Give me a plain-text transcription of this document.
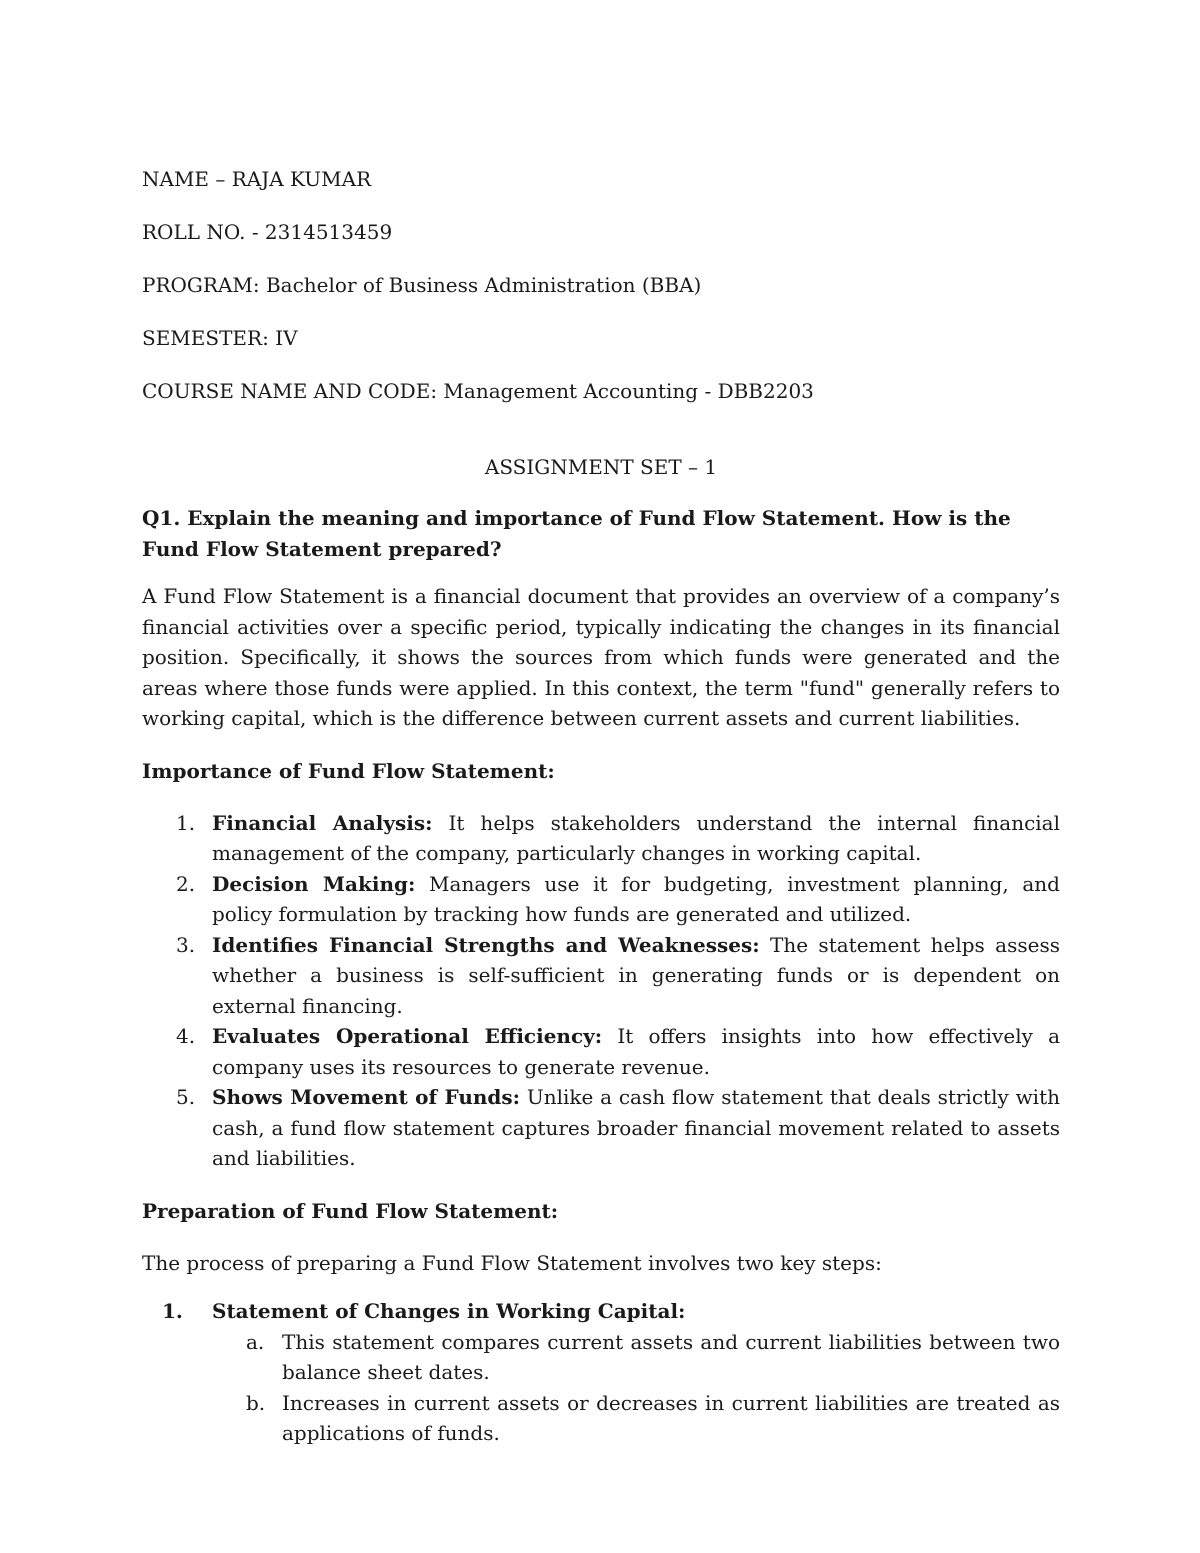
NAME – RAJA KUMAR

ROLL NO. - 2314513459

PROGRAM: Bachelor of Business Administration (BBA)

SEMESTER: IV

COURSE NAME AND CODE: Management Accounting - DBB2203

ASSIGNMENT SET – 1

Q1. Explain the meaning and importance of Fund Flow Statement. How is the Fund Flow Statement prepared?

A Fund Flow Statement is a financial document that provides an overview of a company’s financial activities over a specific period, typically indicating the changes in its financial position. Specifically, it shows the sources from which funds were generated and the areas where those funds were applied. In this context, the term "fund" generally refers to working capital, which is the difference between current assets and current liabilities.

Importance of Fund Flow Statement:

1. Financial Analysis: It helps stakeholders understand the internal financial management of the company, particularly changes in working capital.
2. Decision Making: Managers use it for budgeting, investment planning, and policy formulation by tracking how funds are generated and utilized.
3. Identifies Financial Strengths and Weaknesses: The statement helps assess whether a business is self-sufficient in generating funds or is dependent on external financing.
4. Evaluates Operational Efficiency: It offers insights into how effectively a company uses its resources to generate revenue.
5. Shows Movement of Funds: Unlike a cash flow statement that deals strictly with cash, a fund flow statement captures broader financial movement related to assets and liabilities.

Preparation of Fund Flow Statement:

The process of preparing a Fund Flow Statement involves two key steps:

1. Statement of Changes in Working Capital:
a. This statement compares current assets and current liabilities between two balance sheet dates.
b. Increases in current assets or decreases in current liabilities are treated as applications of funds.
